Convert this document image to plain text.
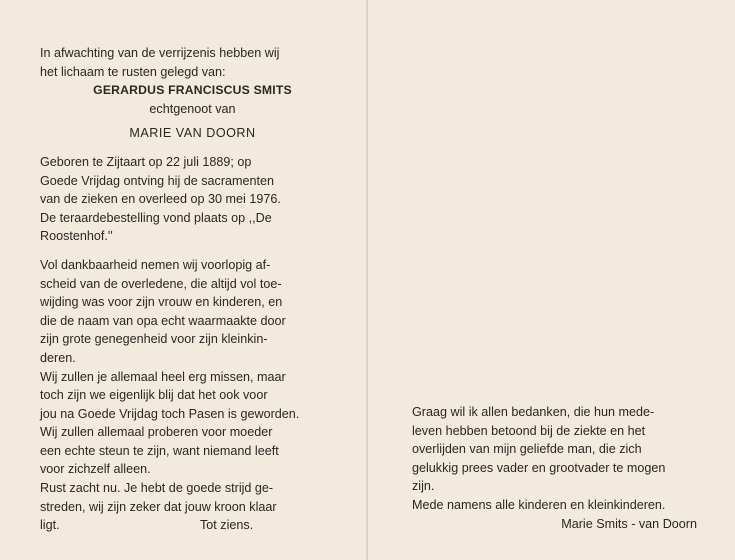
In afwachting van de verrijzenis hebben wij

het lichaam te rusten gelegd van:

GERARDUS FRANCISCUS SMITS

echtgenoot van

MARIE VAN DOORN

Geboren te Zijtaart op 22 juli 1889; op

Goede Vrijdag ontving hij de sacramenten

van de zieken en overleed op 30 mei 1976.

De teraardebestelling vond plaats op ,,De

Roostenhof.''

Vol dankbaarheid nemen wij voorlopig af-

scheid van de overledene, die altijd vol toe-

wijding was voor zijn vrouw en kinderen, en

die de naam van opa echt waarmaakte door

zijn grote genegenheid voor zijn kleinkin-

deren.

Wij zullen je allemaal heel erg missen, maar

toch zijn we eigenlijk blij dat het ook voor

jou na Goede Vrijdag toch Pasen is geworden.

Wij zullen allemaal proberen voor moeder

een echte steun te zijn, want niemand leeft

voor zichzelf alleen.

Rust zacht nu. Je hebt de goede strijd ge-

streden, wij zijn zeker dat jouw kroon klaar

ligt.	Tot ziens.

Graag wil ik allen bedanken, die hun mede-

leven hebben betoond bij de ziekte en het

overlijden van mijn geliefde man, die zich

gelukkig prees vader en grootvader te mogen

zijn.

Mede namens alle kinderen en kleinkinderen.

Marie Smits - van Doorn
